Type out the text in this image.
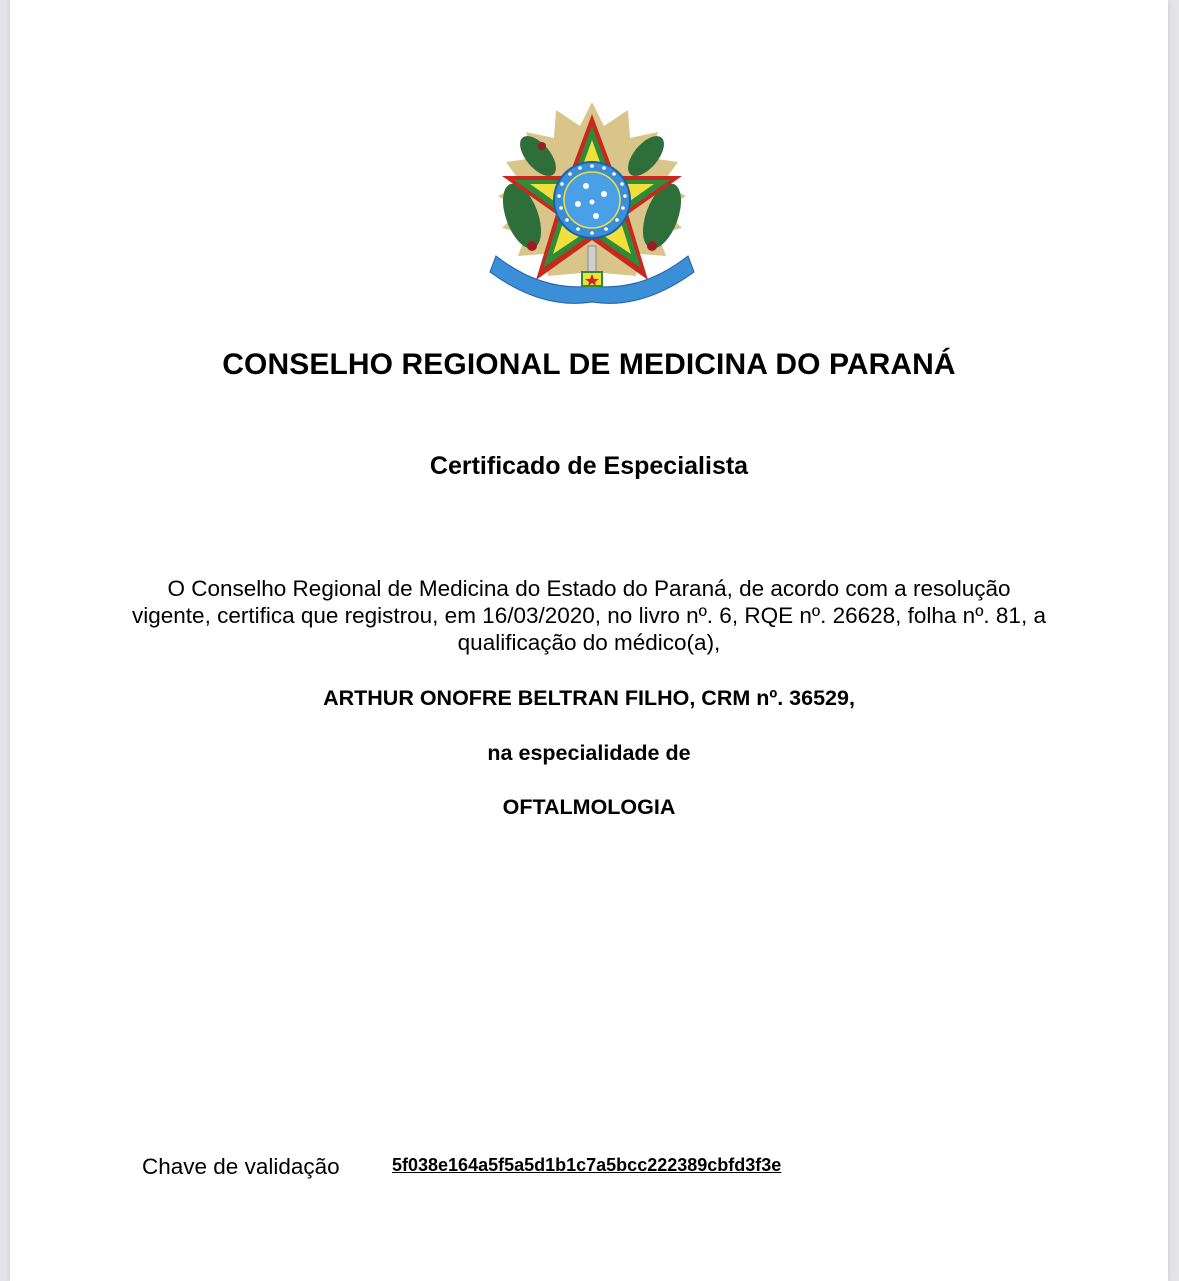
CONSELHO REGIONAL DE MEDICINA DO PARANÁ
Certificado de Especialista
O Conselho Regional de Medicina do Estado do Paraná, de acordo com a resolução vigente, certifica que registrou, em 16/03/2020, no livro nº. 6, RQE nº. 26628, folha nº. 81, a qualificação do médico(a),
ARTHUR ONOFRE BELTRAN FILHO, CRM nº. 36529,
na especialidade de
OFTALMOLOGIA
Chave de validação	5f038e164a5f5a5d1b1c7a5bcc222389cbfd3f3e
